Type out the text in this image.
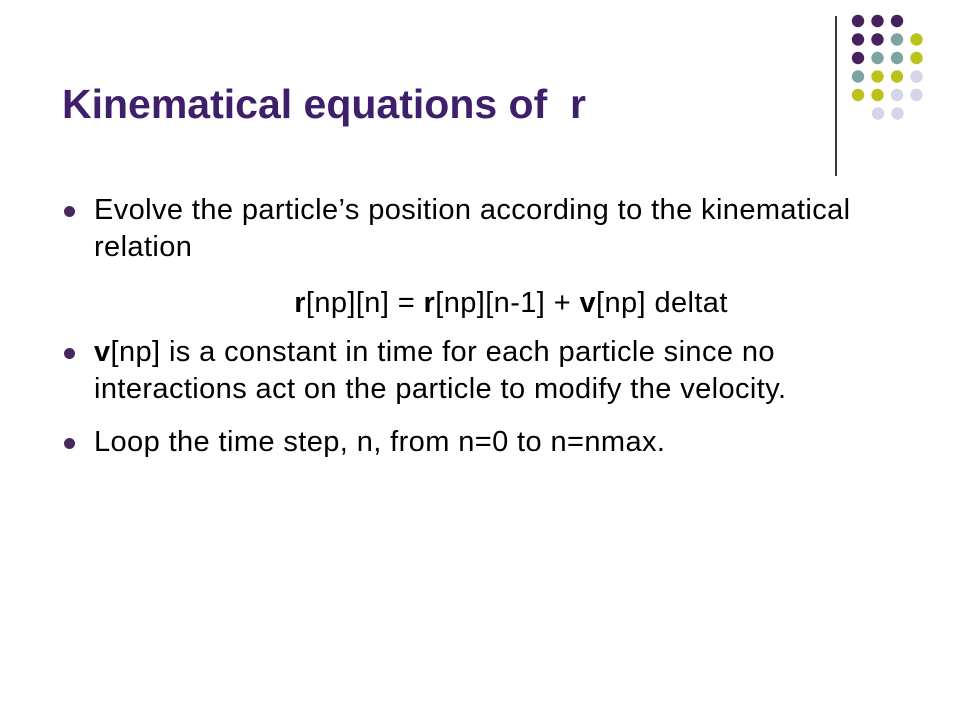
Kinematical equations of  r
Evolve the particle’s position according to the kinematical relation
r[np][n] = r[np][n-1] + v[np] deltat
v[np] is a constant in time for each particle since no interactions act on the particle to modify the velocity.
Loop the time step, n, from n=0 to n=nmax.
